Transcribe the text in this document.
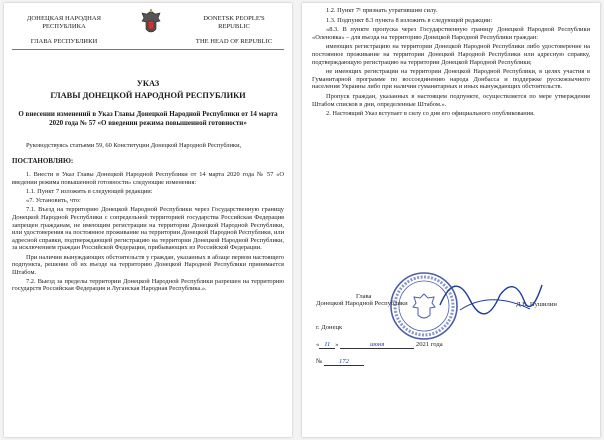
ДОНЕЦКАЯ НАРОДНАЯ
РЕСПУБЛИКА
ГЛАВА РЕСПУБЛИКИ
DONETSK PEOPLE'S
REPUBLIC
THE HEAD OF REPUBLIC
УКАЗ
ГЛАВЫ ДОНЕЦКОЙ НАРОДНОЙ РЕСПУБЛИКИ
О внесении изменений в Указ Главы Донецкой Народной Республики от 14 марта 2020 года № 57 «О введении режима повышенной готовности»

Руководствуясь статьями 59, 60 Конституции Донецкой Народной Республики,

ПОСТАНОВЛЯЮ:

1. Внести в Указ Главы Донецкой Народной Республики от 14 марта 2020 года № 57 «О введении режима повышенной готовности» следующие изменения:

1.1. Пункт 7 изложить в следующей редакции:

«7. Установить, что:

7.1. Въезд на территорию Донецкой Народной Республики через Государственную границу Донецкой Народной Республики с сопредельной территорией государства Российская Федерация запрещен гражданам, не имеющим регистрации на территории Донецкой Народной Республики, или удостоверения на постоянное проживание на территории Донецкой Народной Республики, или адресной справки, подтверждающей регистрацию на территории Донецкой Народной Республики, за исключением граждан Российской Федерации, прибывающих из Российской Федерации.

При наличии вынуждающих обстоятельств у граждан, указанных в абзаце первом настоящего подпункта, решение об их въезде на территорию Донецкой Народной Республики принимается Штабом.

7.2. Выезд за пределы территории Донецкой Народной Республики разрешен на территорию государств Российская Федерация и Луганская Народная Республика.».

1.2. Пункт 7¹ признать утратившим силу.

1.3. Подпункт 8.3 пункта 8 изложить в следующей редакции:

«8.3. В пункте пропуска через Государственную границу Донецкой Народной Республики «Оленовка» – для въезда на территорию Донецкой Народной Республики граждан:

имеющих регистрацию на территории Донецкой Народной Республики либо удостоверение на постоянное проживание на территории Донецкой Народной Республики или адресную справку, подтверждающую регистрацию на территории Донецкой Народной Республики;

не имеющих регистрации на территории Донецкой Народной Республики, в целях участия в Гуманитарной программе по воссоединению народа Донбасса и поддержке русскоязычного населения Украины либо при наличии гуманитарных и иных вынуждающих обстоятельств.

Пропуск граждан, указанных в настоящем подпункте, осуществляется по мере утверждения Штабом списков в дни, определенные Штабом.».

2. Настоящий Указ вступает в силу со дня его официального опубликования.

Глава
Донецкой Народной Республики	Д.В. Пушилин
г. Донецк
« 11 »	июня	2021 года
№	172
